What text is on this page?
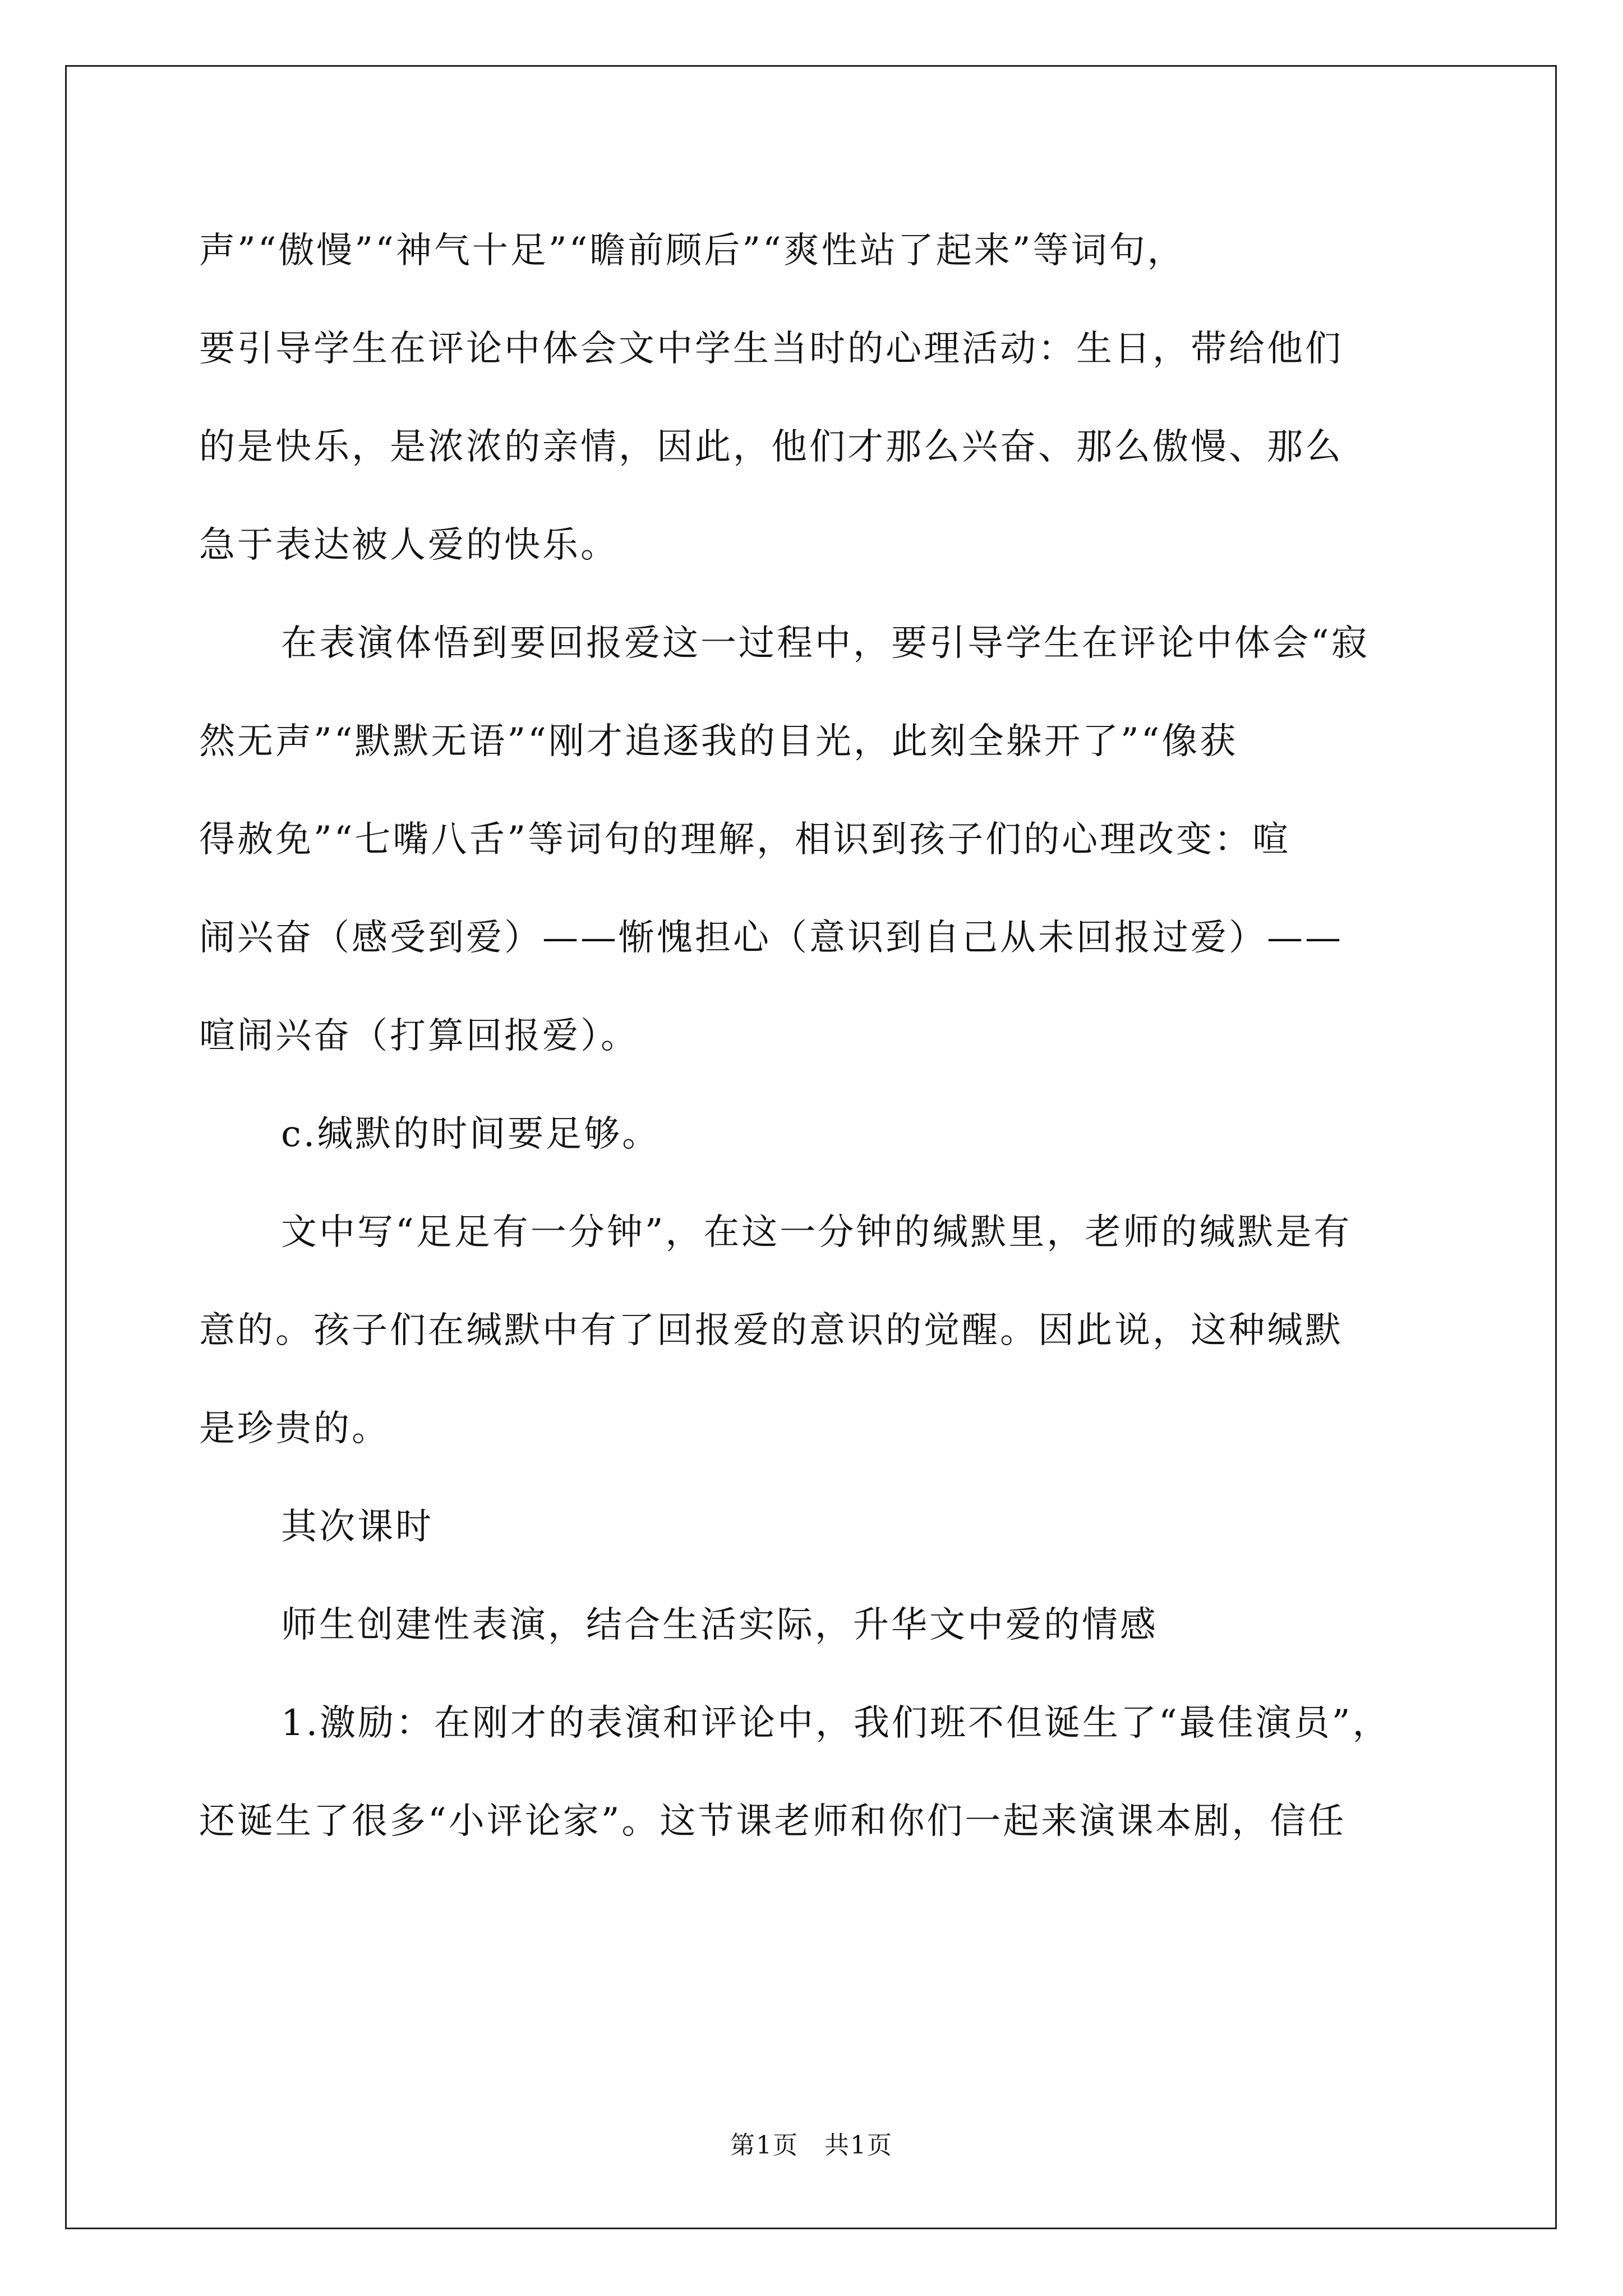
声”“傲慢”“神气十足”“瞻前顾后”“爽性站了起来”等词句，
要引导学生在评论中体会文中学生当时的心理活动：生日，带给他们
的是快乐，是浓浓的亲情，因此，他们才那么兴奋、那么傲慢、那么
急于表达被人爱的快乐。
在表演体悟到要回报爱这一过程中，要引导学生在评论中体会“寂
然无声”“默默无语”“刚才追逐我的目光，此刻全躲开了”“像获
得赦免”“七嘴八舌”等词句的理解，相识到孩子们的心理改变：喧
闹兴奋（感受到爱）——惭愧担心（意识到自己从未回报过爱）——
喧闹兴奋（打算回报爱）。
c.缄默的时间要足够。
文中写“足足有一分钟”，在这一分钟的缄默里，老师的缄默是有
意的。孩子们在缄默中有了回报爱的意识的觉醒。因此说，这种缄默
是珍贵的。
其次课时
师生创建性表演，结合生活实际，升华文中爱的情感
1.激励：在刚才的表演和评论中，我们班不但诞生了“最佳演员”，
还诞生了很多“小评论家”。这节课老师和你们一起来演课本剧，信任
第1页　共1页
